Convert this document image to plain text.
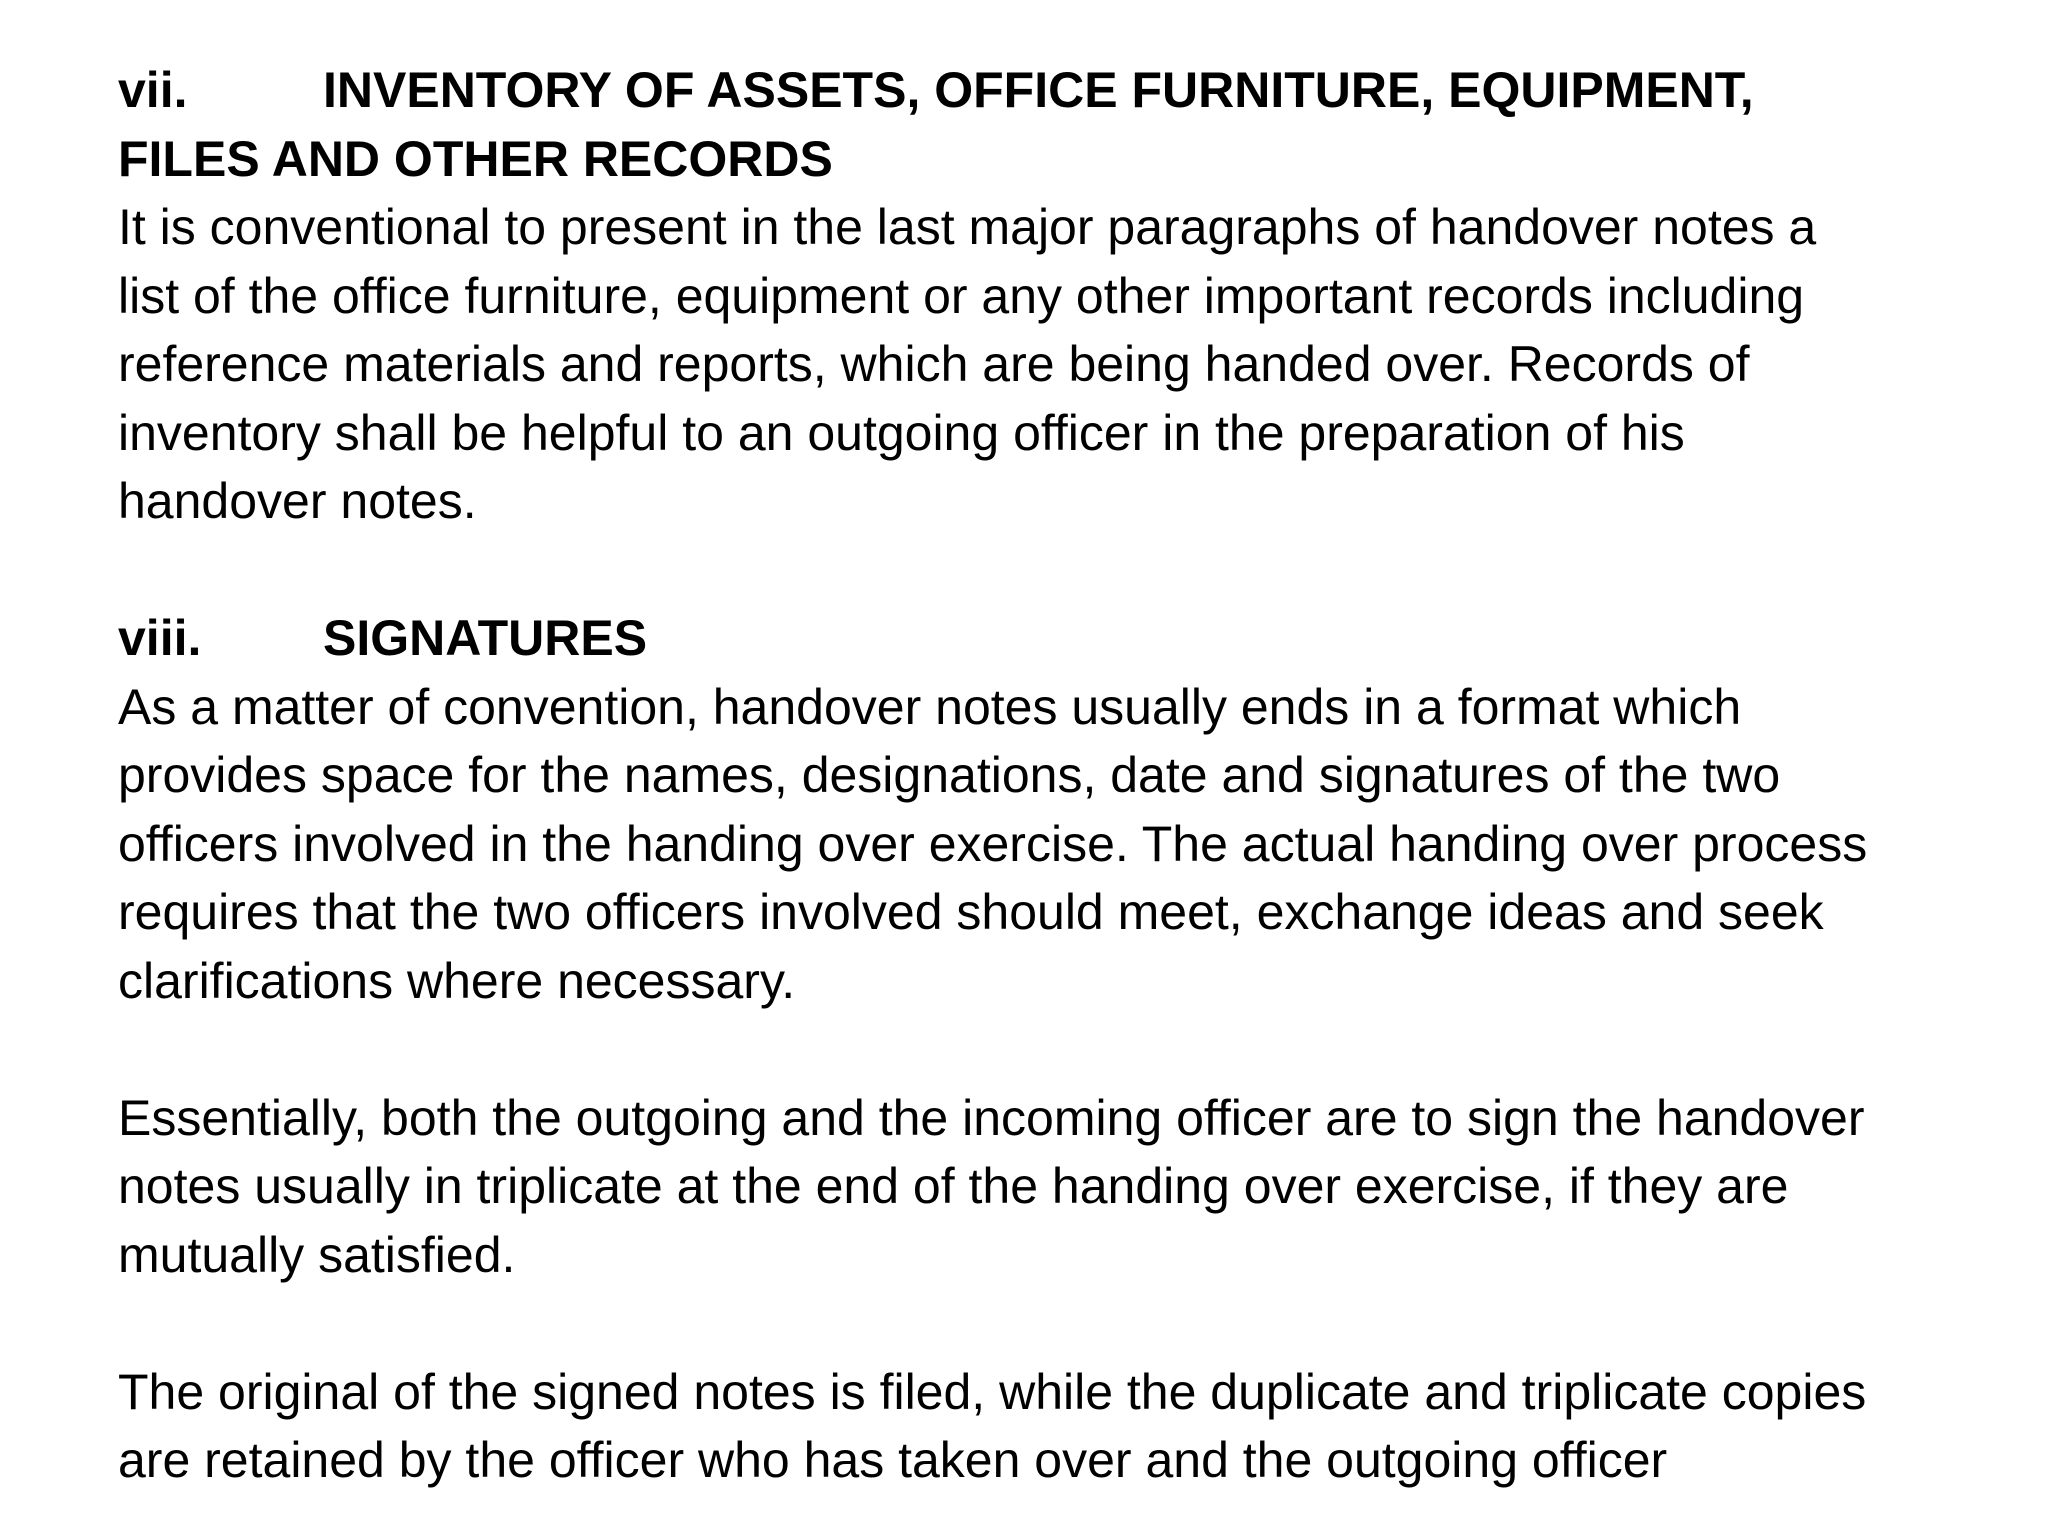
vii.	INVENTORY OF ASSETS, OFFICE FURNITURE, EQUIPMENT,
FILES AND OTHER RECORDS

It is conventional to present in the last major paragraphs of handover notes a

list of the office furniture, equipment or any other important records including

reference materials and reports, which are being handed over. Records of

inventory shall be helpful to an outgoing officer in the preparation of his

handover notes.

viii. SIGNATURES

As a matter of convention, handover notes usually ends in a format which

provides space for the names, designations, date and signatures of the two

officers involved in the handing over exercise. The actual handing over process

requires that the two officers involved should meet, exchange ideas and seek

clarifications where necessary.

Essentially, both the outgoing and the incoming officer are to sign the handover

notes usually in triplicate at the end of the handing over exercise, if they are

mutually satisfied.

The original of the signed notes is filed, while the duplicate and triplicate copies

are retained by the officer who has taken over and the outgoing officer
